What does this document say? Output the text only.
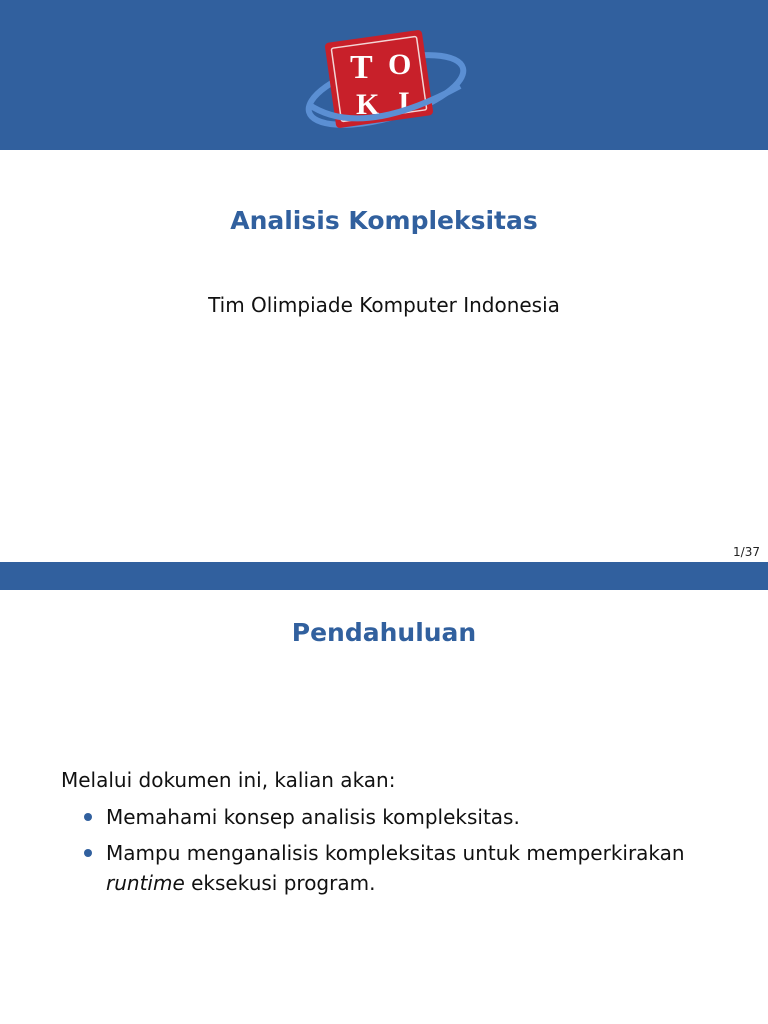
T O
K I
Analisis Kompleksitas
Tim Olimpiade Komputer Indonesia
1/37
Pendahuluan
Melalui dokumen ini, kalian akan:
Memahami konsep analisis kompleksitas.
Mampu menganalisis kompleksitas untuk memperkirakan
runtime eksekusi program.
